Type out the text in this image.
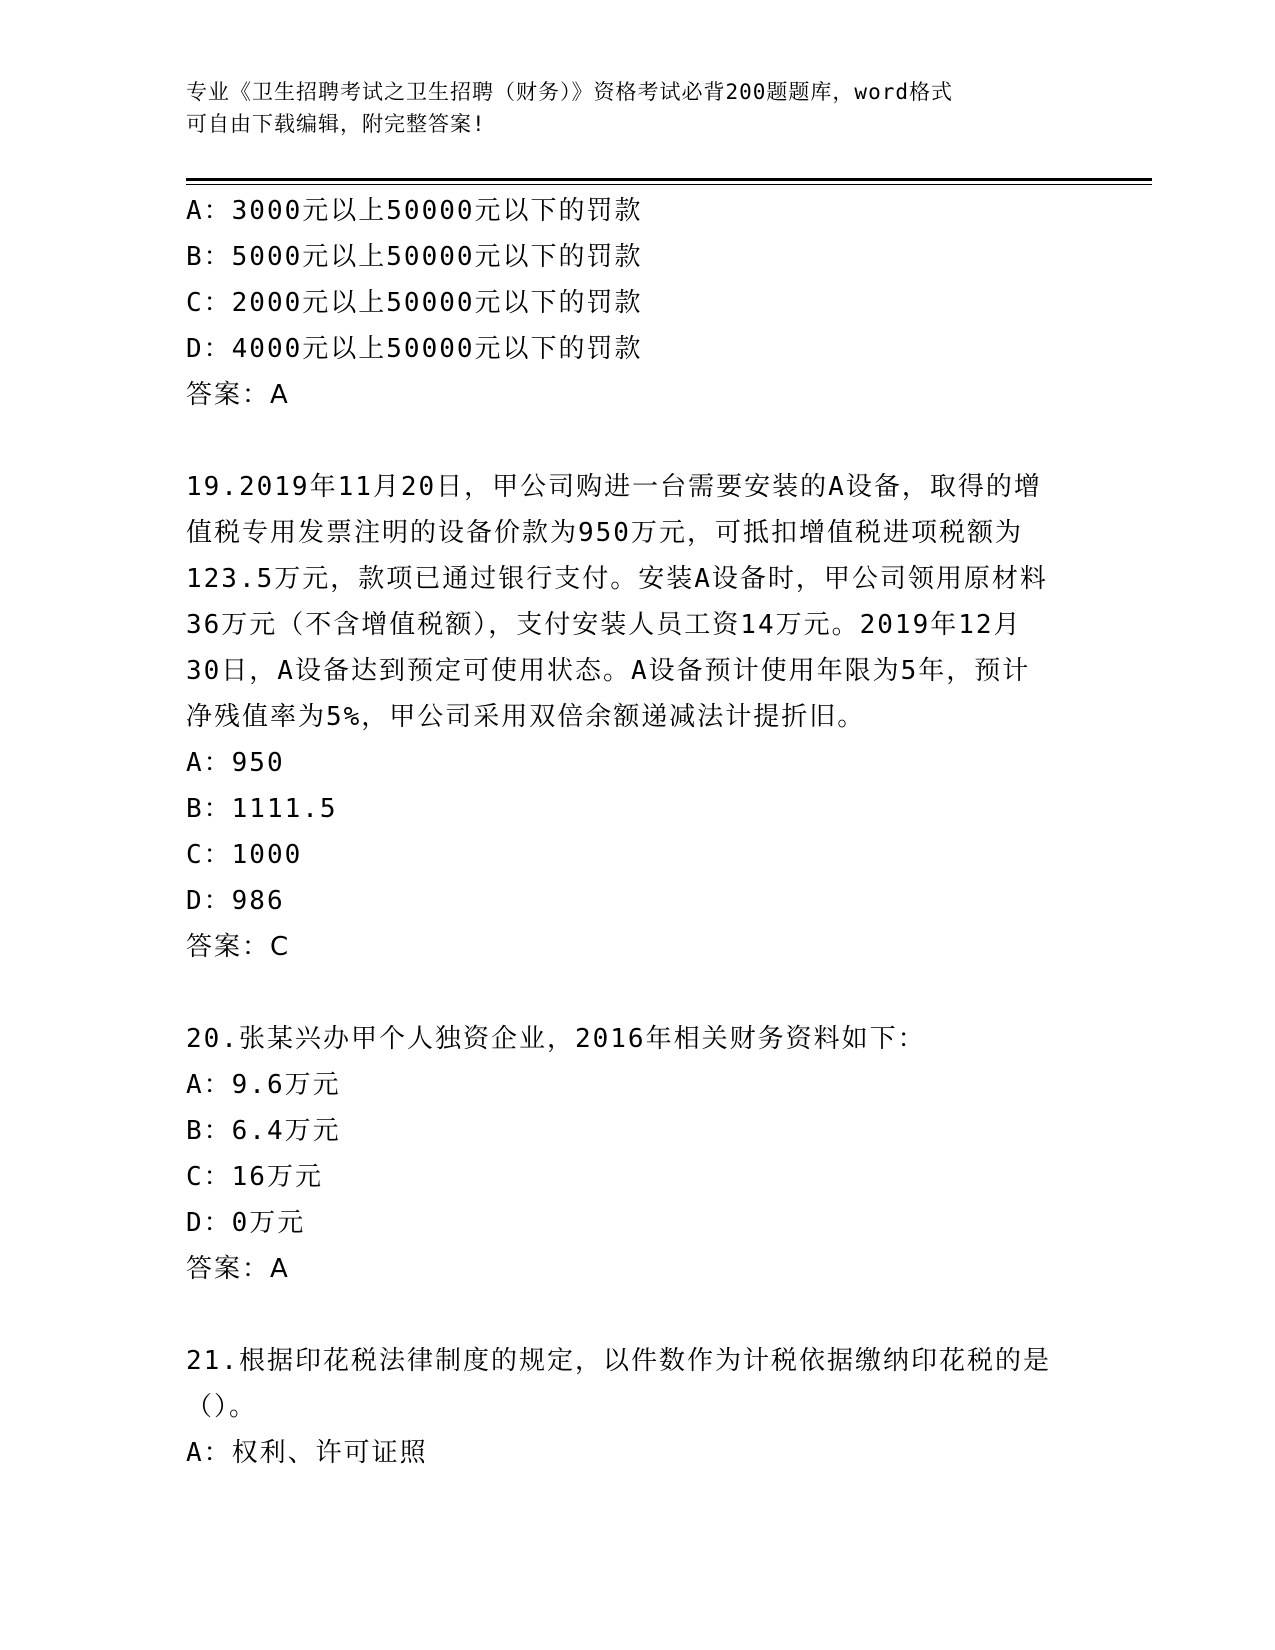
专业《卫生招聘考试之卫生招聘（财务）》资格考试必背200题题库，word格式
可自由下载编辑，附完整答案!
A：3000元以上50000元以下的罚款
B：5000元以上50000元以下的罚款
C：2000元以上50000元以下的罚款
D：4000元以上50000元以下的罚款
答案：A
19.2019年11月20日，甲公司购进一台需要安装的A设备，取得的增
值税专用发票注明的设备价款为950万元，可抵扣增值税进项税额为
123.5万元，款项已通过银行支付。安装A设备时，甲公司领用原材料
36万元（不含增值税额），支付安装人员工资14万元。2019年12月
30日，A设备达到预定可使用状态。A设备预计使用年限为5年，预计
净残值率为5%，甲公司采用双倍余额递减法计提折旧。
A：950
B：1111.5
C：1000
D：986
答案：C
20.张某兴办甲个人独资企业，2016年相关财务资料如下：
A：9.6万元
B：6.4万元
C：16万元
D：0万元
答案：A
21.根据印花税法律制度的规定，以件数作为计税依据缴纳印花税的是
（）。
A：权利、许可证照
